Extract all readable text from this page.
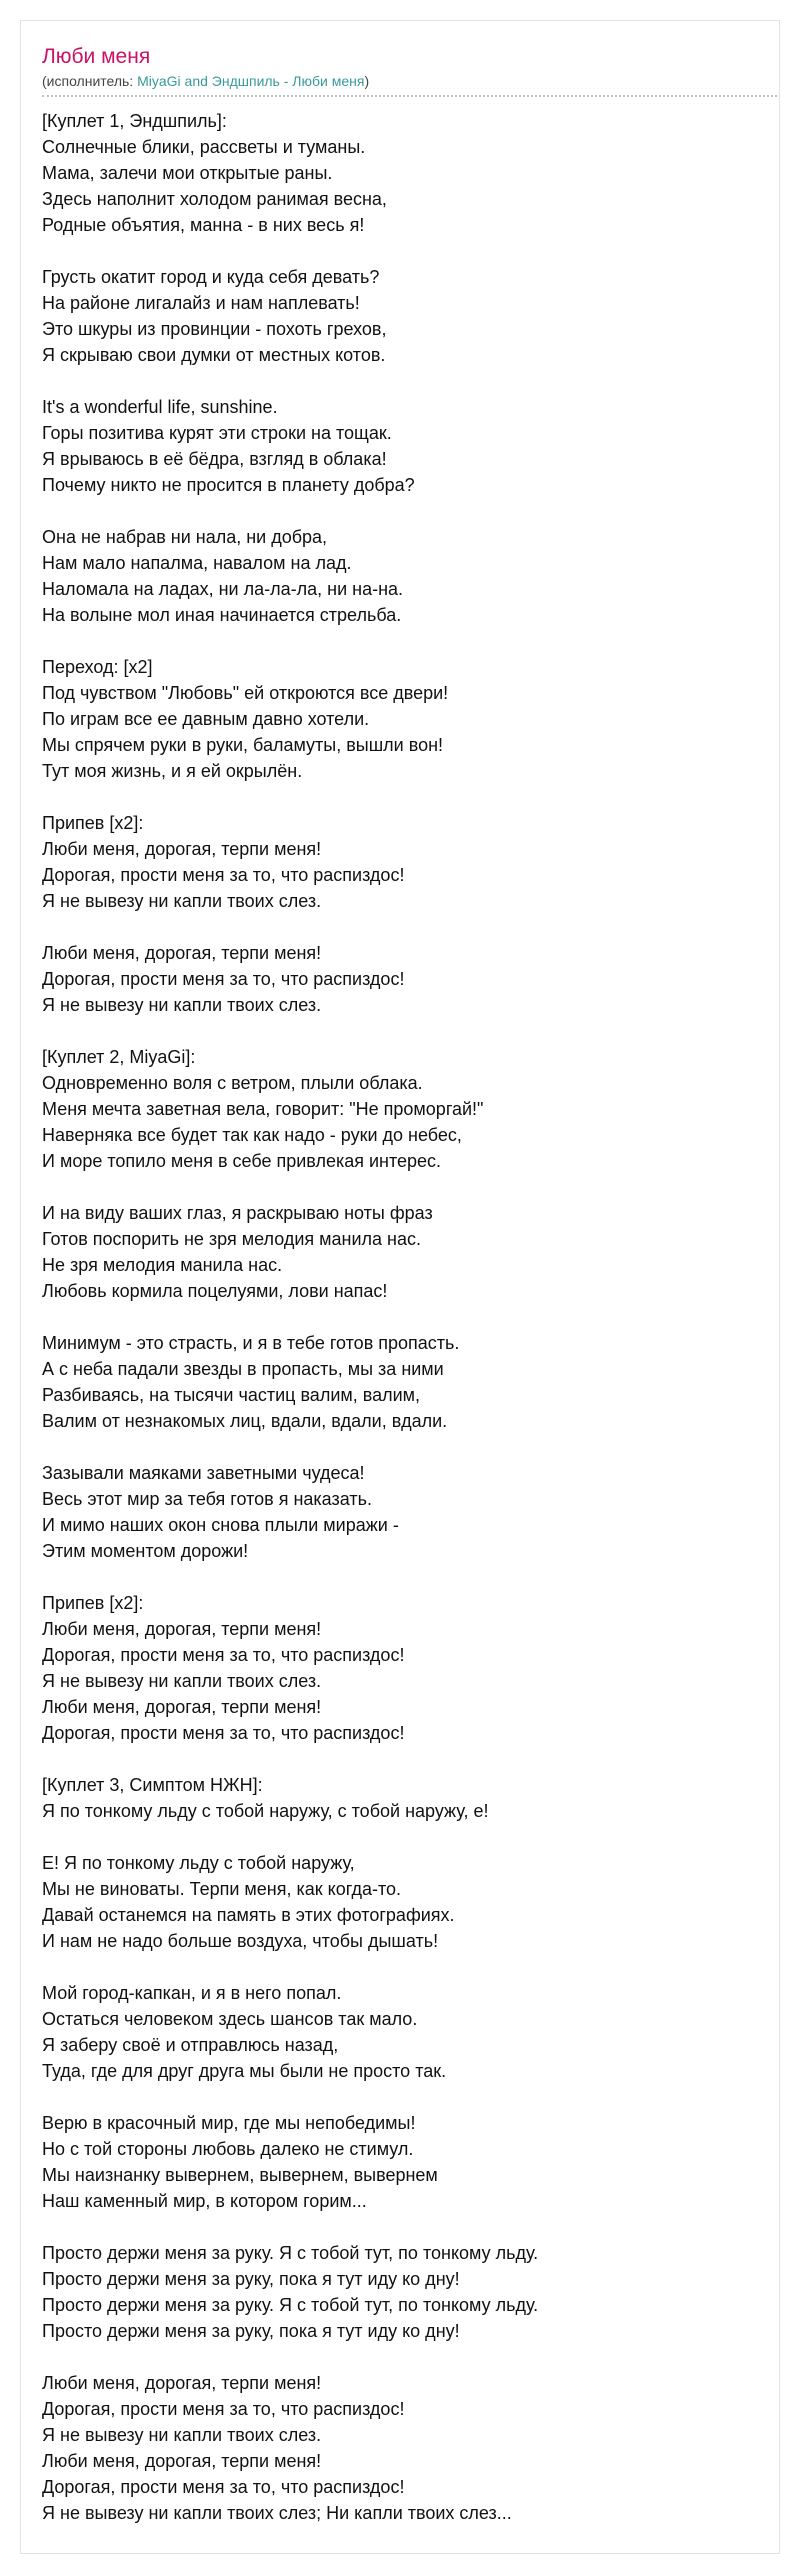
Люби меня
(исполнитель: MiyaGi and Эндшпиль - Люби меня)
[Куплет 1, Эндшпиль]:
Солнечные блики, рассветы и туманы.
Мама, залечи мои открытые раны.
Здесь наполнит холодом ранимая весна,
Родные объятия, манна - в них весь я!
Грусть окатит город и куда себя девать?
На районе лигалайз и нам наплевать!
Это шкуры из провинции - похоть грехов,
Я скрываю свои думки от местных котов.
It's a wonderful life, sunshine.
Горы позитива курят эти строки на тощак.
Я врываюсь в её бёдра, взгляд в облака!
Почему никто не просится в планету добра?
Она не набрав ни нала, ни добра,
Нам мало напалма, навалом на лад.
Наломала на ладах, ни ла-ла-ла, ни на-на.
На волыне мол иная начинается стрельба.
Переход: [x2]
Под чувством "Любовь" ей откроются все двери!
По играм все ее давным давно хотели.
Мы спрячем руки в руки, баламуты, вышли вон!
Тут моя жизнь, и я ей окрылён.
Припев [x2]:
Люби меня, дорогая, терпи меня!
Дорогая, прости меня за то, что распиздос!
Я не вывезу ни капли твоих слез.
Люби меня, дорогая, терпи меня!
Дорогая, прости меня за то, что распиздос!
Я не вывезу ни капли твоих слез.
[Куплет 2, MiyaGi]:
Одновременно воля с ветром, плыли облака.
Меня мечта заветная вела, говорит: "Не проморгай!"
Наверняка все будет так как надо - руки до небес,
И море топило меня в себе привлекая интерес.
И на виду ваших глаз, я раскрываю ноты фраз
Готов поспорить не зря мелодия манила нас.
Не зря мелодия манила нас.
Любовь кормила поцелуями, лови напас!
Минимум - это страсть, и я в тебе готов пропасть.
А с неба падали звезды в пропасть, мы за ними
Разбиваясь, на тысячи частиц валим, валим,
Валим от незнакомых лиц, вдали, вдали, вдали.
Зазывали маяками заветными чудеса!
Весь этот мир за тебя готов я наказать.
И мимо наших окон снова плыли миражи -
Этим моментом дорожи!
Припев [x2]:
Люби меня, дорогая, терпи меня!
Дорогая, прости меня за то, что распиздос!
Я не вывезу ни капли твоих слез.
Люби меня, дорогая, терпи меня!
Дорогая, прости меня за то, что распиздос!
[Куплет 3, Симптом НЖН]:
Я по тонкому льду с тобой наружу, с тобой наружу, е!
Е! Я по тонкому льду с тобой наружу,
Мы не виноваты. Терпи меня, как когда-то.
Давай останемся на память в этих фотографиях.
И нам не надо больше воздуха, чтобы дышать!
Мой город-капкан, и я в него попал.
Остаться человеком здесь шансов так мало.
Я заберу своё и отправлюсь назад,
Туда, где для друг друга мы были не просто так.
Верю в красочный мир, где мы непобедимы!
Но с той стороны любовь далеко не стимул.
Мы наизнанку вывернем, вывернем, вывернем
Наш каменный мир, в котором горим...
Просто держи меня за руку. Я с тобой тут, по тонкому льду.
Просто держи меня за руку, пока я тут иду ко дну!
Просто держи меня за руку. Я с тобой тут, по тонкому льду.
Просто держи меня за руку, пока я тут иду ко дну!
Люби меня, дорогая, терпи меня!
Дорогая, прости меня за то, что распиздос!
Я не вывезу ни капли твоих слез.
Люби меня, дорогая, терпи меня!
Дорогая, прости меня за то, что распиздос!
Я не вывезу ни капли твоих слез; Ни капли твоих слез...
